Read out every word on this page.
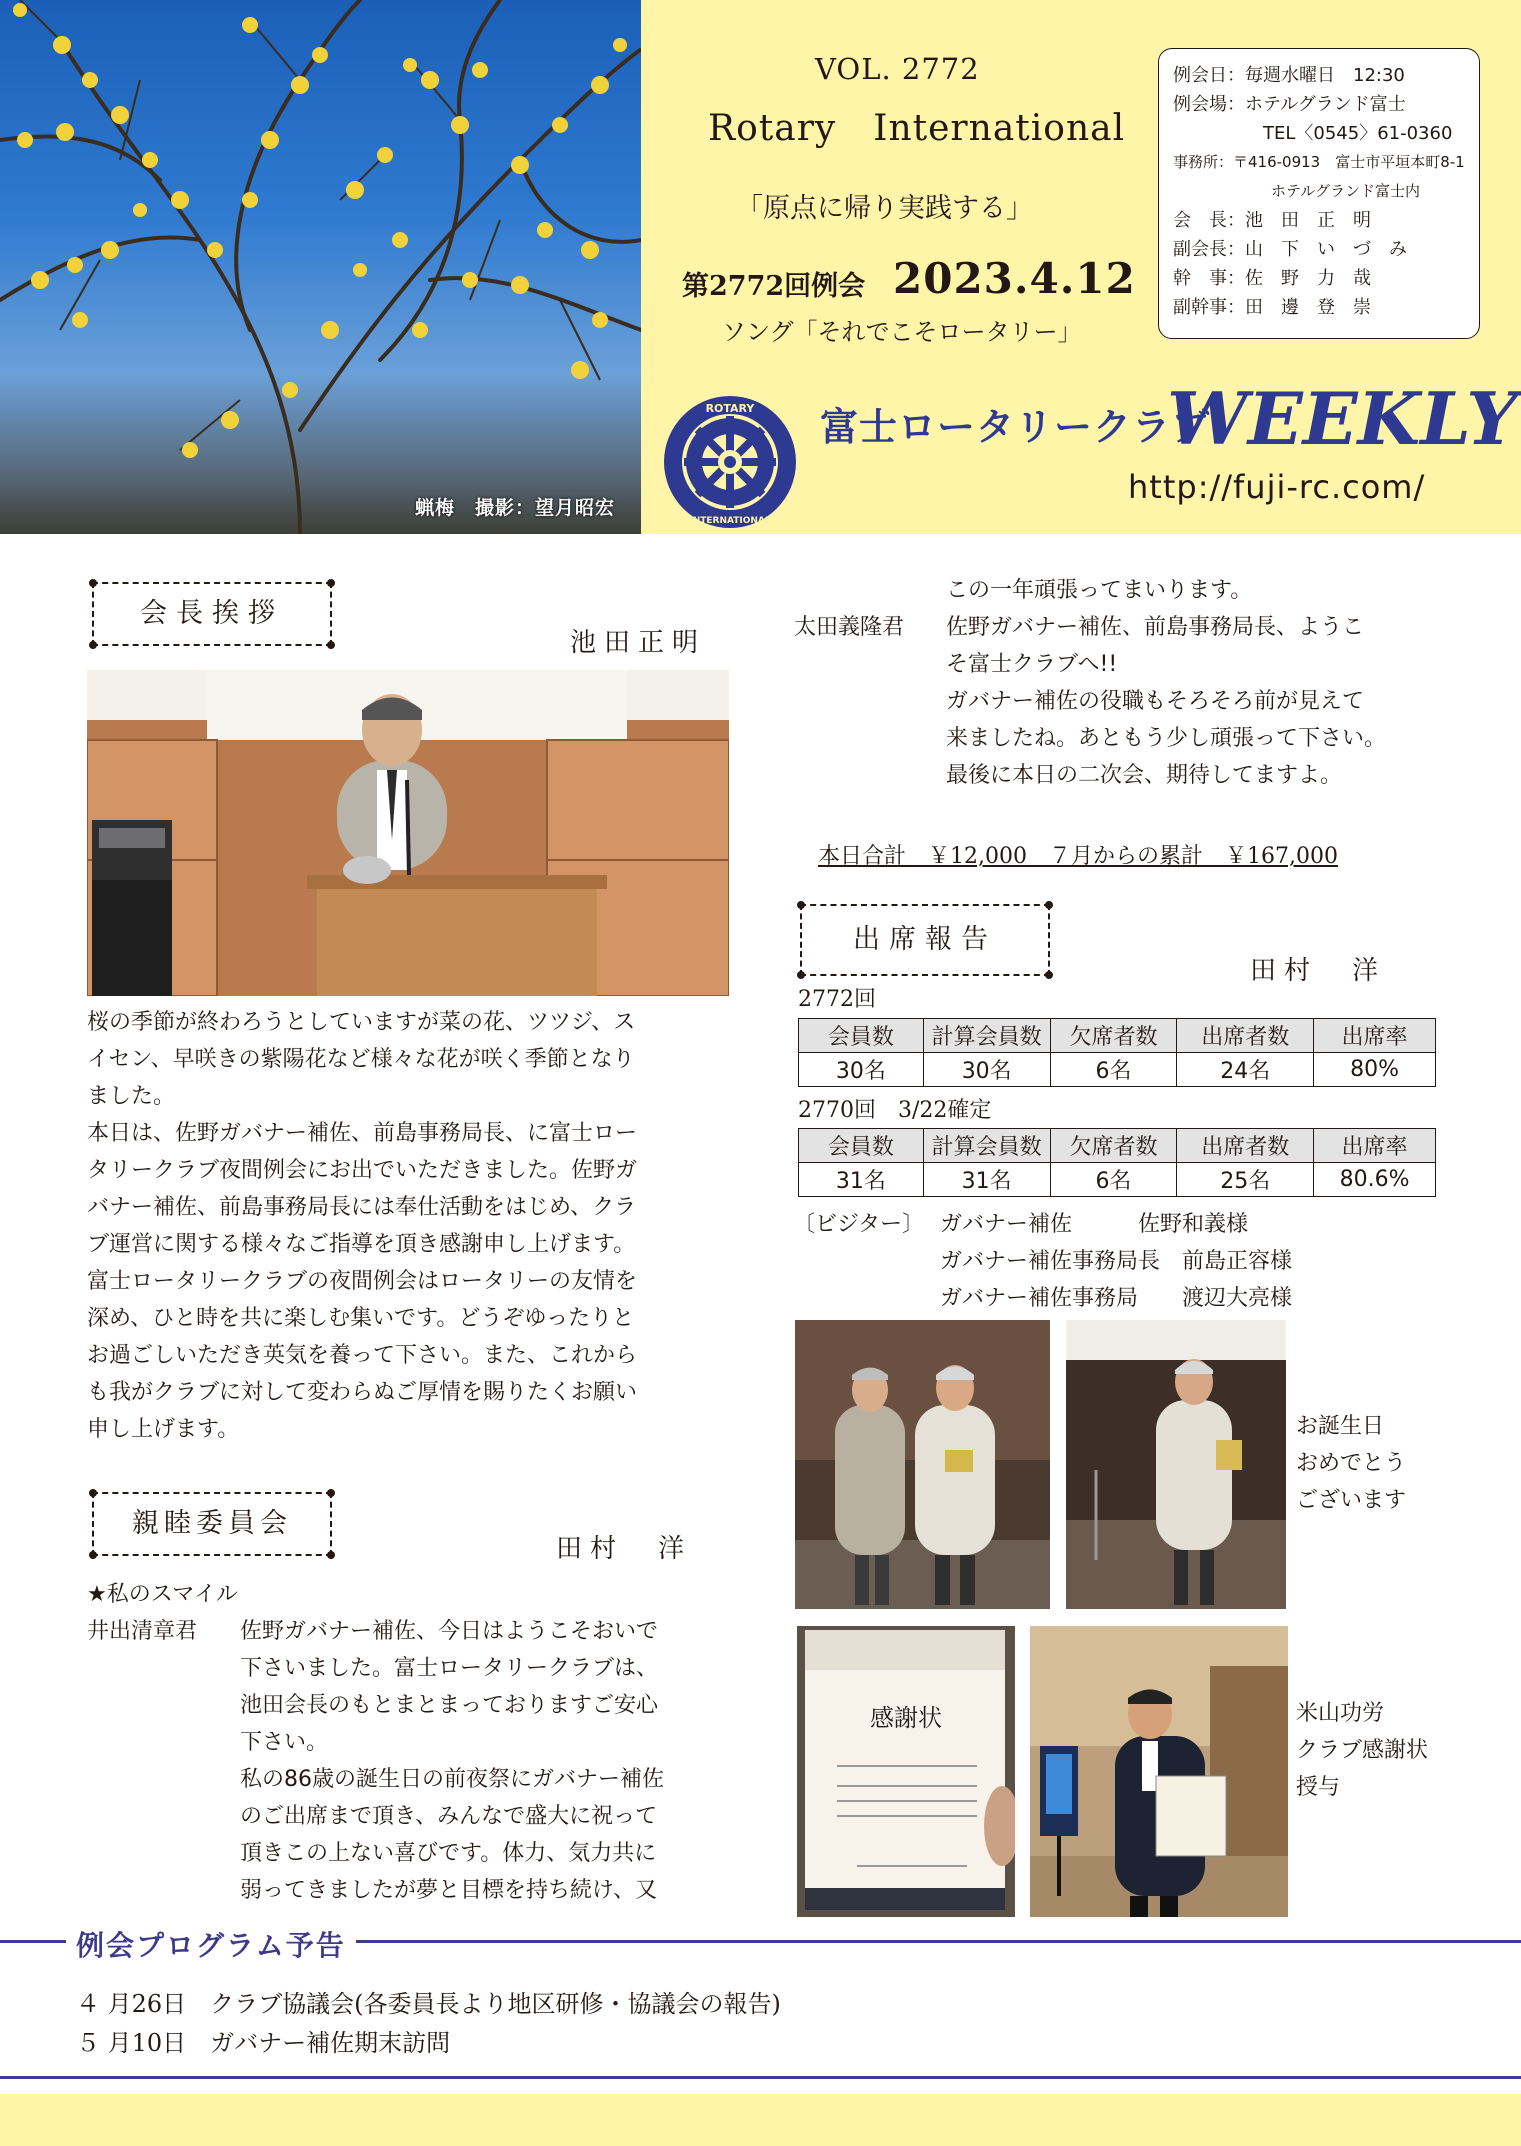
蝋梅　撮影：望月昭宏
VOL. 2772
Rotary　International
「原点に帰り実践する」
第2772回例会 2023.4.12
ソング「それでこそロータリー」
例会日：毎週水曜日　12:30
例会場：ホテルグランド富士
TEL〈0545〉61-0360
事務所：〒416-0913　富士市平垣本町8-1
ホテルグランド富士内
会　長：池　田　正　明
副会長：山　下　い　づ　み
幹　事：佐　野　力　哉
副幹事：田　邊　登　崇
ROTARY
INTERNATIONAL
富士ロータリークラブ
WEEKLY
http://fuji-rc.com/
会長挨拶
池田正明
桜の季節が終わろうとしていますが菜の花、ツツジ、ス
イセン、早咲きの紫陽花など様々な花が咲く季節となり
ました。
本日は、佐野ガバナー補佐、前島事務局長、に富士ロー
タリークラブ夜間例会にお出でいただきました。佐野ガ
バナー補佐、前島事務局長には奉仕活動をはじめ、クラ
ブ運営に関する様々なご指導を頂き感謝申し上げます。
富士ロータリークラブの夜間例会はロータリーの友情を
深め、ひと時を共に楽しむ集いです。どうぞゆったりと
お過ごしいただき英気を養って下さい。また、これから
も我がクラブに対して変わらぬご厚情を賜りたくお願い
申し上げます。
親睦委員会
田村　洋
★私のスマイル
井出清章君 佐野ガバナー補佐、今日はようこそおいで
下さいました。富士ロータリークラブは、
池田会長のもとまとまっておりますご安心
下さい。
私の86歳の誕生日の前夜祭にガバナー補佐
のご出席まで頂き、みんなで盛大に祝って
頂きこの上ない喜びです。体力、気力共に
弱ってきましたが夢と目標を持ち続け、又
この一年頑張ってまいります。
太田義隆君 佐野ガバナー補佐、前島事務局長、ようこ
そ富士クラブへ!!
ガバナー補佐の役職もそろそろ前が見えて
来ましたね。あともう少し頑張って下さい。
最後に本日の二次会、期待してますよ。
本日合計　￥12,000　７月からの累計　￥167,000
出席報告
田村　洋
2772回
会員数	計算会員数	欠席者数	出席者数	出席率
30名	30名	6名	24名	80%
2770回　3/22確定
会員数	計算会員数	欠席者数	出席者数	出席率
31名	31名	6名	25名	80.6%
〔ビジター〕 ガバナー補佐　　　佐野和義様
ガバナー補佐事務局長　前島正容様
ガバナー補佐事務局　　渡辺大亮様
お誕生日
おめでとう
ございます
感謝状	米山功労
クラブ感謝状
授与
例会プログラム予告
４ 月26日　クラブ協議会(各委員長より地区研修・協議会の報告)
５ 月10日　ガバナー補佐期末訪問
